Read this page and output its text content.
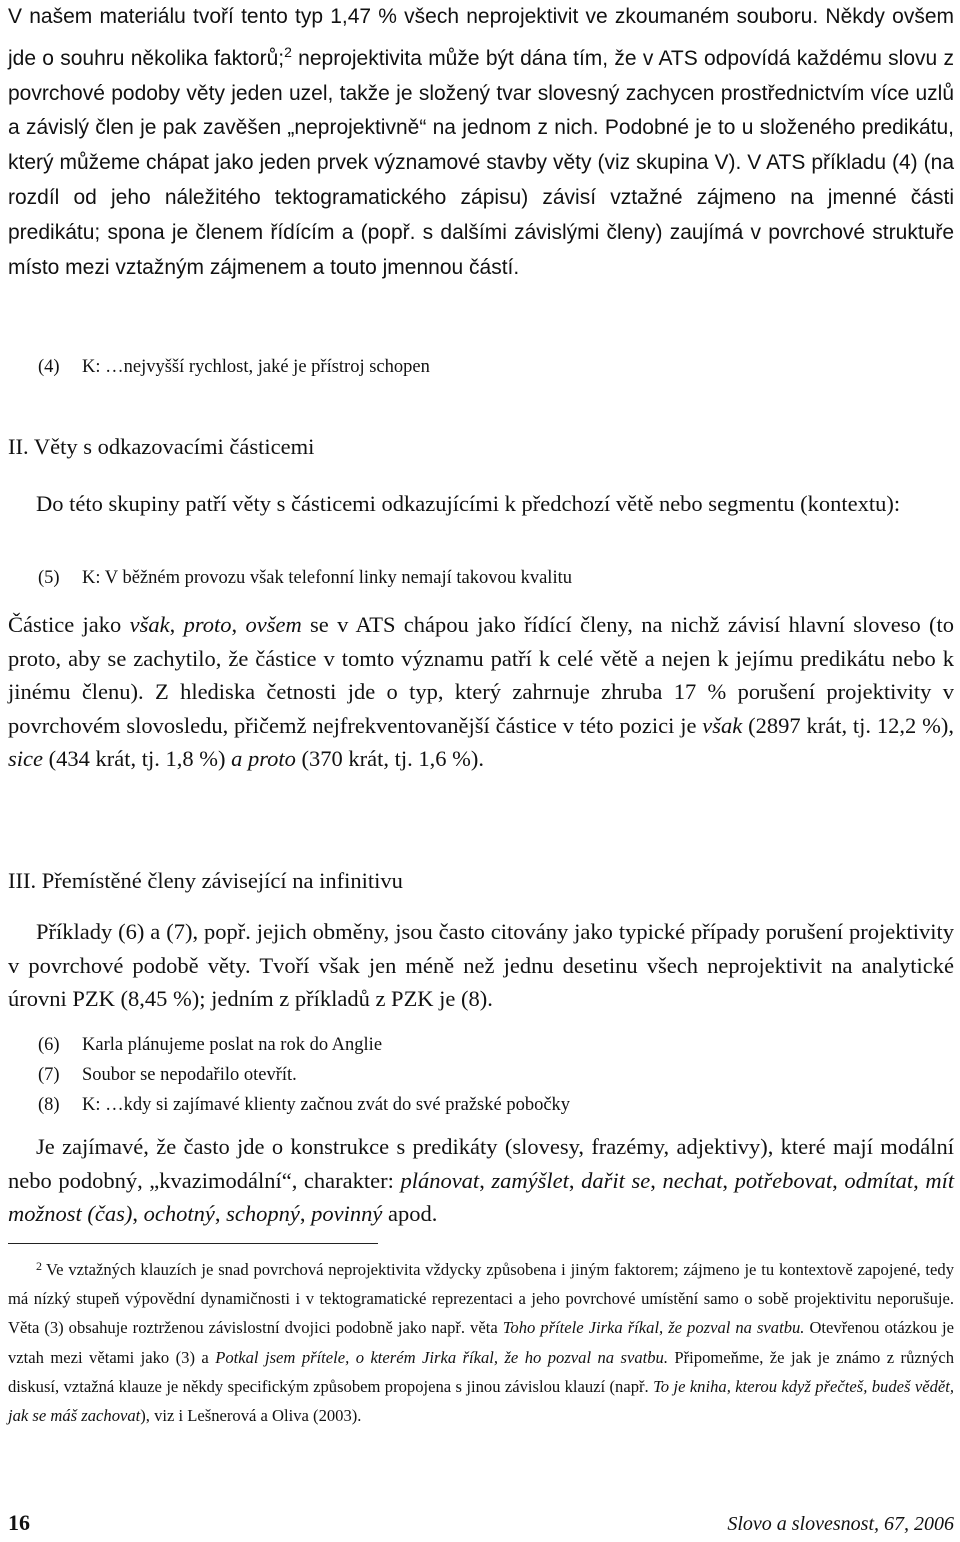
V našem materiálu tvoří tento typ 1,47 % všech neprojektivit ve zkoumaném souboru. Někdy ovšem jde o souhru několika faktorů;$^2$ neprojektivita může být dána tím, že v ATS odpovídá každému slovu z povrchové podoby věty jeden uzel, takže je složený tvar slovesný zachycen prostřednictvím více uzlů a závislý člen je pak zavěšen „neprojektivně“ na jednom z nich. Podobné je to u složeného predikátu, který můžeme chápat jako jeden prvek významové stavby věty (viz skupina V). V ATS příkladu (4) (na rozdíl od jeho náležitého tektogramatického zápisu) závisí vztažné zájmeno na jmenné části predikátu; spona je členem řídícím a (popř. s dalšími závislými členy) zaujímá v povrchové struktuře místo mezi vztažným zájmenem a touto jmennou částí.

(4)	K: …nejvyšší rychlost, jaké je přístroj schopen
II. Věty s odkazovacími částicemi

Do této skupiny patří věty s částicemi odkazujícími k předchozí větě nebo segmentu (kontextu):

(5)	K: V běžném provozu však telefonní linky nemají takovou kvalitu

Částice jako však, proto, ovšem se v ATS chápou jako řídící členy, na nichž závisí hlavní sloveso (to proto, aby se zachytilo, že částice v tomto významu patří k celé větě a nejen k jejímu predikátu nebo k jinému členu). Z hlediska četnosti jde o typ, který zahrnuje zhruba 17 % porušení projektivity v povrchovém slovosledu, přičemž nejfrekventovanější částice v této pozici je však (2897 krát, tj. 12,2 %), sice (434 krát, tj. 1,8 %) a proto (370 krát, tj. 1,6 %).

III. Přemístěné členy závisející na infinitivu

Příklady (6) a (7), popř. jejich obměny, jsou často citovány jako typické případy porušení projektivity v povrchové podobě věty. Tvoří však jen méně než jednu desetinu všech neprojektivit na analytické úrovni PZK (8,45 %); jedním z příkladů z PZK je (8).

(6)	Karla plánujeme poslat na rok do Anglie
(7)	Soubor se nepodařilo otevřít.
(8)	K: …kdy si zajímavé klienty začnou zvát do své pražské pobočky

Je zajímavé, že často jde o konstrukce s predikáty (slovesy, frazémy, adjektivy), které mají modální nebo podobný, „kvazimodální“, charakter: plánovat, zamýšlet, dařit se, nechat, potřebovat, odmítat, mít možnost (čas), ochotný, schopný, povinný apod.

$^2$ Ve vztažných klauzích je snad povrchová neprojektivita vždycky způsobena i jiným faktorem; zájmeno je tu kontextově zapojené, tedy má nízký stupeň výpovědní dynamičnosti i v tektogramatické reprezentaci a jeho povrchové umístění samo o sobě projektivitu neporušuje. Věta (3) obsahuje roztrženou závislostní dvojici podobně jako např. věta Toho přítele Jirka říkal, že pozval na svatbu. Otevřenou otázkou je vztah mezi větami jako (3) a Potkal jsem přítele, o kterém Jirka říkal, že ho pozval na svatbu. Připomeňme, že jak je známo z různých diskusí, vztažná klauze je někdy specifickým způsobem propojena s jinou závislou klauzí (např. To je kniha, kterou když přečteš, budeš vědět, jak se máš zachovat), viz i Lešnerová a Oliva (2003).

16	Slovo a slovesnost, 67, 2006
